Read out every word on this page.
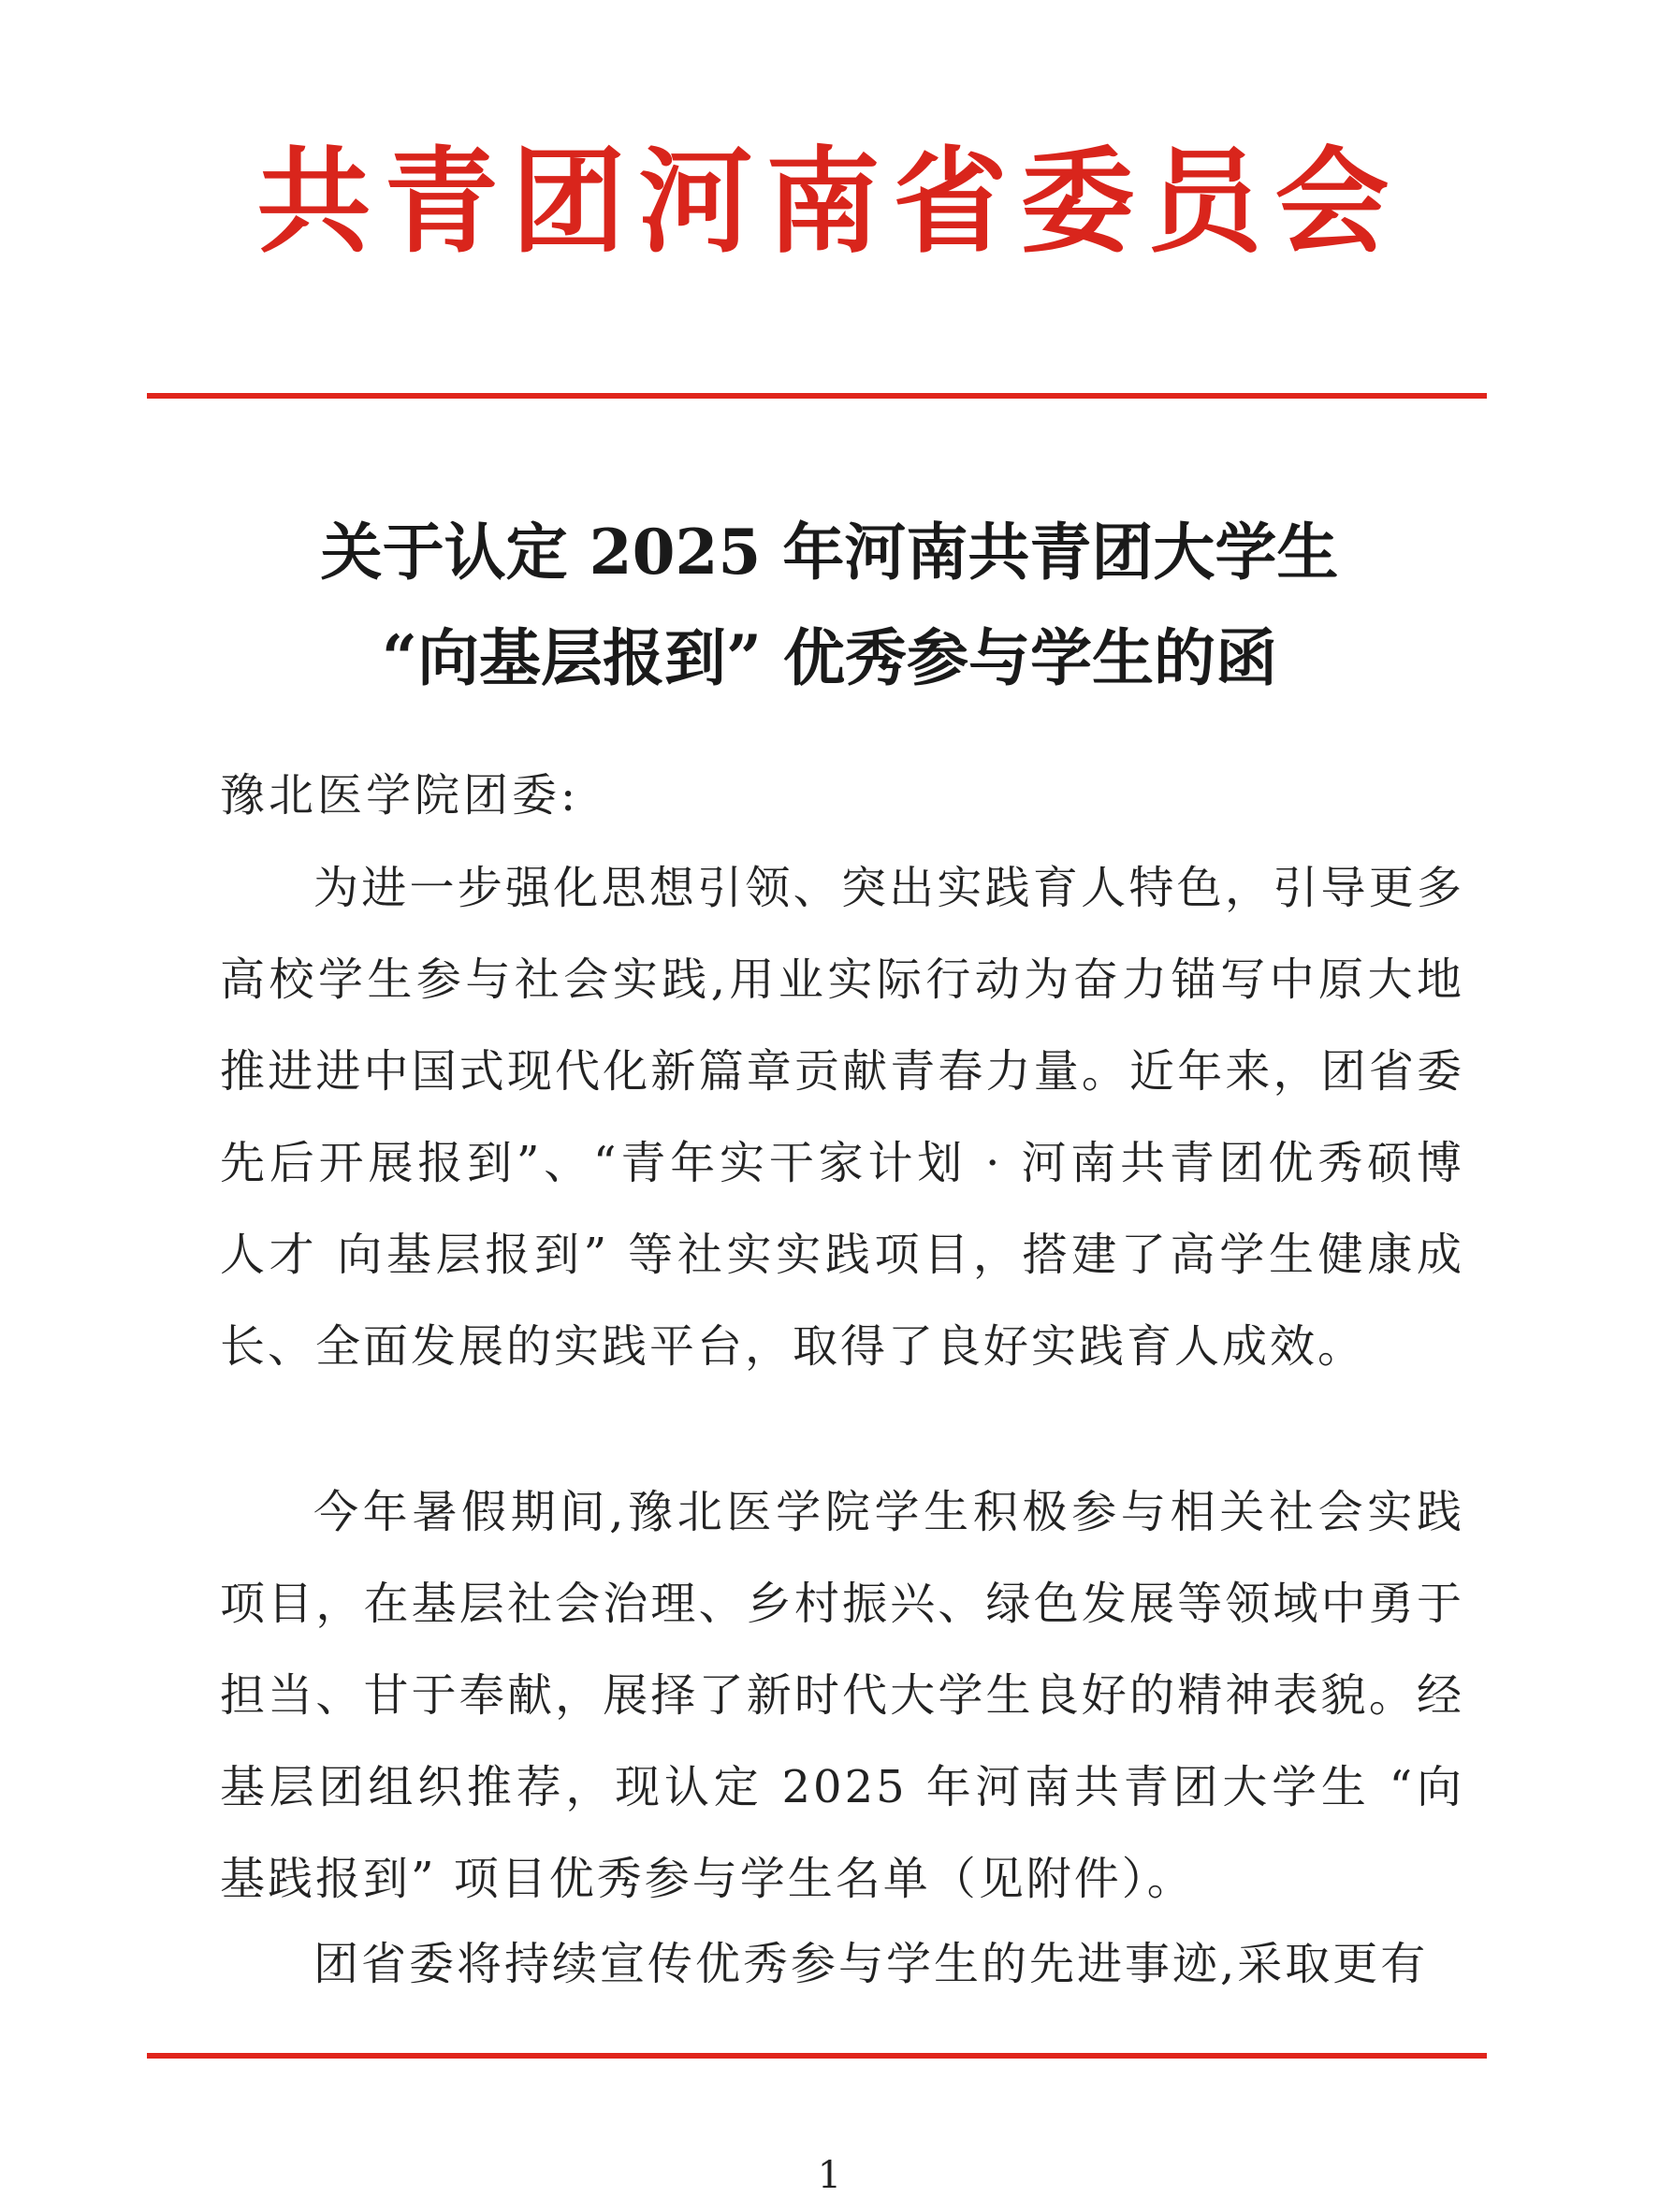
共青团河南省委员会
关于认定 2025 年河南共青团大学生
“向基层报到” 优秀参与学生的函
豫北医学院团委:

为进一步强化思想引领、突出实践育人特色，引导更多高校学生参与社会实践,用业实际行动为奋力锚写中原大地推进进中国式现代化新篇章贡献青春力量。近年来，团省委先后开展报到”、“青年实干家计划 · 河南共青团优秀硕博人才 向基层报到” 等社实实践项目，搭建了高学生健康成长、全面发展的实践平台，取得了良好实践育人成效。

今年暑假期间,豫北医学院学生积极参与相关社会实践项目，在基层社会治理、乡村振兴、绿色发展等领域中勇于担当、甘于奉献，展择了新时代大学生良好的精神表貌。经基层团组织推荐，现认定 2025 年河南共青团大学生 “向基践报到” 项目优秀参与学生名单（见附件）。

团省委将持续宣传优秀参与学生的先进事迹,采取更有

1
